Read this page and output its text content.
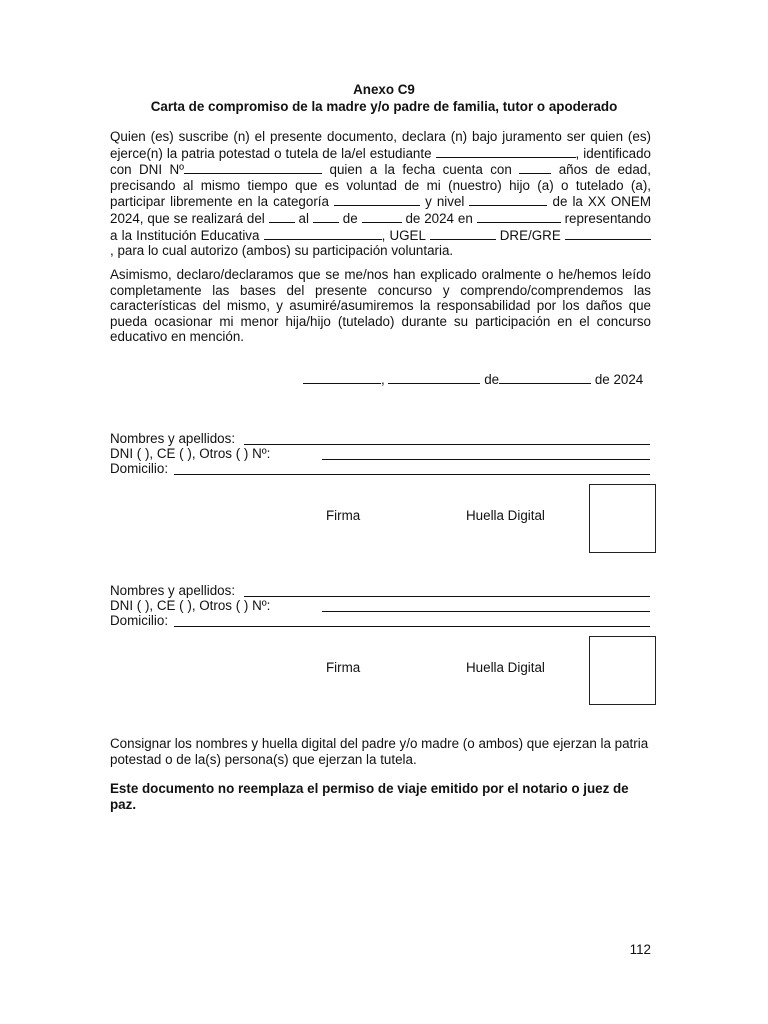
Anexo C9
Carta de compromiso de la madre y/o padre de familia, tutor o apoderado
Quien (es) suscribe (n) el presente documento, declara (n) bajo juramento ser quien (es) ejerce(n) la patria potestad o tutela de la/el estudiante	, identificado con DNI Nº	quien a la fecha cuenta con	años de edad, precisando al mismo tiempo que es voluntad de mi (nuestro) hijo (a) o tutelado (a), participar libremente en la categoría	y nivel	de la XX ONEM 2024, que se realizará del	al	de	de 2024 en	representando a la Institución Educativa	, UGEL	DRE/GRE , para lo cual autorizo (ambos) su participación voluntaria.
Asimismo, declaro/declaramos que se me/nos han explicado oralmente o he/hemos leído completamente las bases del presente concurso y comprendo/comprendemos las características del mismo, y asumiré/asumiremos la responsabilidad por los daños que pueda ocasionar mi menor hija/hijo (tutelado) durante su participación en el concurso educativo en mención.
,	de	de 2024
Nombres y apellidos:
DNI ( ), CE ( ), Otros ( ) Nº:
Domicilio:
Firma	Huella Digital
Nombres y apellidos:
DNI ( ), CE ( ), Otros ( ) Nº:
Domicilio:
Firma	Huella Digital
Consignar los nombres y huella digital del padre y/o madre (o ambos) que ejerzan la patria potestad o de la(s) persona(s) que ejerzan la tutela.
Este documento no reemplaza el permiso de viaje emitido por el notario o juez de paz.
112
